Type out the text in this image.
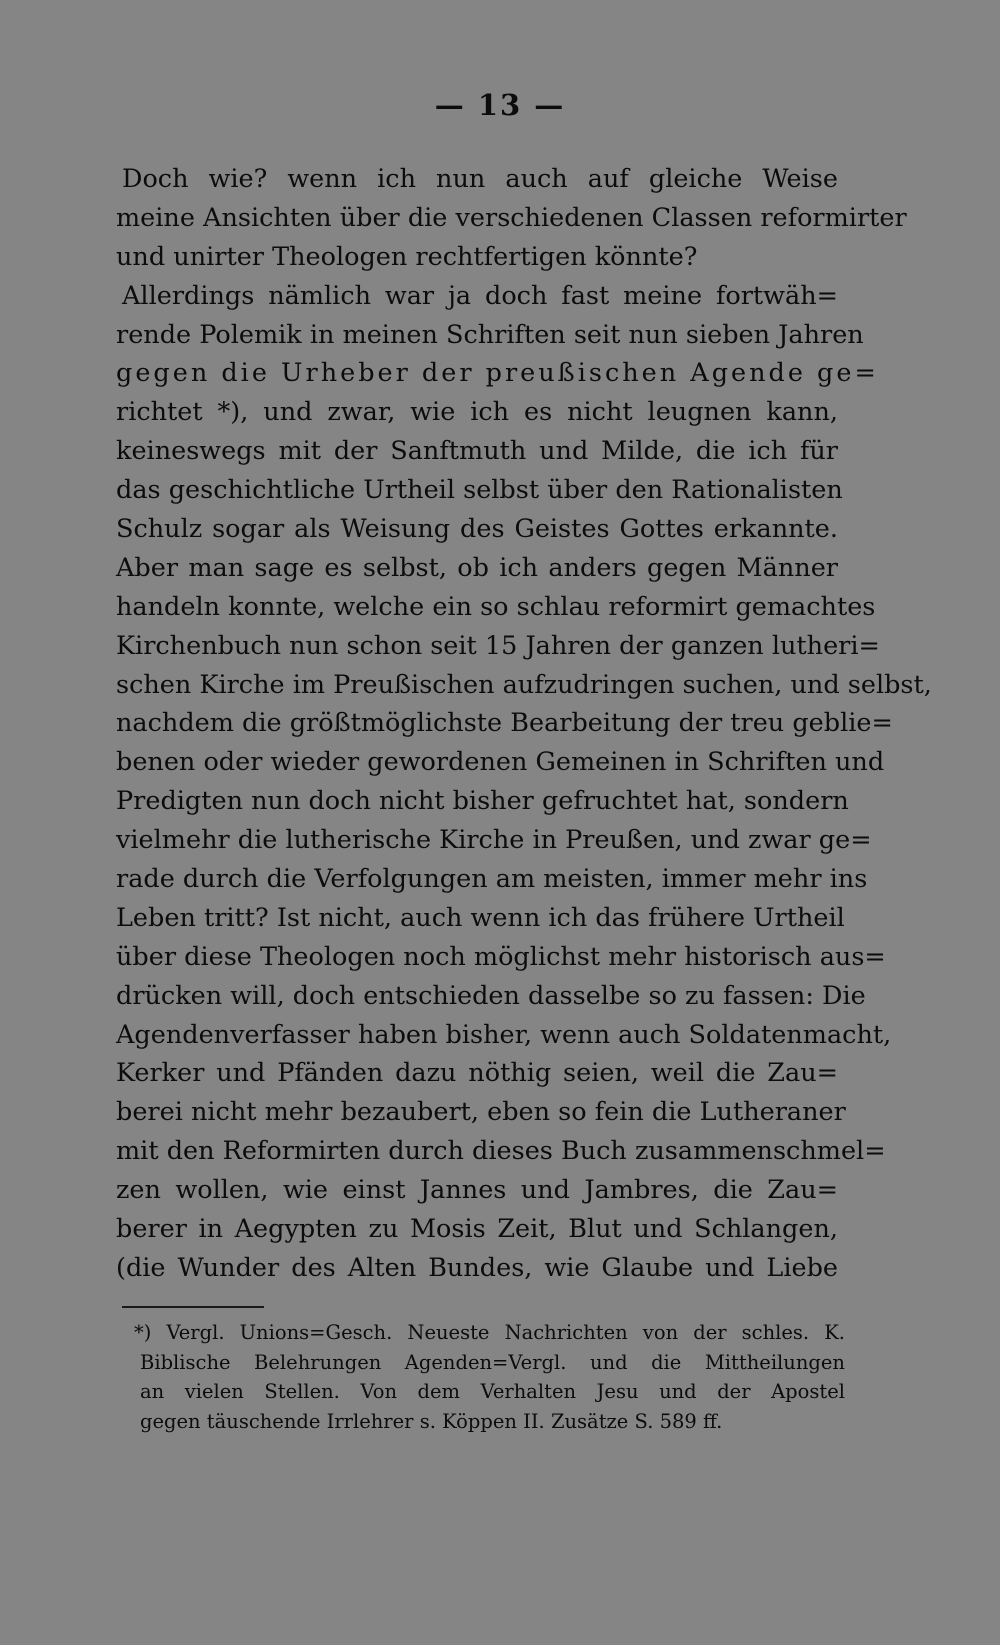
— 13 —
Doch wie? wenn ich nun auch auf gleiche Weise
meine Ansichten über die verschiedenen Classen reformirter
und unirter Theologen rechtfertigen könnte?
Allerdings nämlich war ja doch fast meine fortwäh=
rende Polemik in meinen Schriften seit nun sieben Jahren
gegen die Urheber der preußischen Agende ge=
richtet *), und zwar, wie ich es nicht leugnen kann,
keineswegs mit der Sanftmuth und Milde, die ich für
das geschichtliche Urtheil selbst über den Rationalisten
Schulz sogar als Weisung des Geistes Gottes erkannte.
Aber man sage es selbst, ob ich anders gegen Männer
handeln konnte, welche ein so schlau reformirt gemachtes
Kirchenbuch nun schon seit 15 Jahren der ganzen lutheri=
schen Kirche im Preußischen aufzudringen suchen, und selbst,
nachdem die größtmöglichste Bearbeitung der treu geblie=
benen oder wieder gewordenen Gemeinen in Schriften und
Predigten nun doch nicht bisher gefruchtet hat, sondern
vielmehr die lutherische Kirche in Preußen, und zwar ge=
rade durch die Verfolgungen am meisten, immer mehr ins
Leben tritt? Ist nicht, auch wenn ich das frühere Urtheil
über diese Theologen noch möglichst mehr historisch aus=
drücken will, doch entschieden dasselbe so zu fassen: Die
Agendenverfasser haben bisher, wenn auch Soldatenmacht,
Kerker und Pfänden dazu nöthig seien, weil die Zau=
berei nicht mehr bezaubert, eben so fein die Lutheraner
mit den Reformirten durch dieses Buch zusammenschmel=
zen wollen, wie einst Jannes und Jambres, die Zau=
berer in Aegypten zu Mosis Zeit, Blut und Schlangen,
(die Wunder des Alten Bundes, wie Glaube und Liebe
*) Vergl. Unions=Gesch. Neueste Nachrichten von der schles. K.
Biblische Belehrungen Agenden=Vergl. und die Mittheilungen
an vielen Stellen. Von dem Verhalten Jesu und der Apostel
gegen täuschende Irrlehrer s. Köppen II. Zusätze S. 589 ff.
